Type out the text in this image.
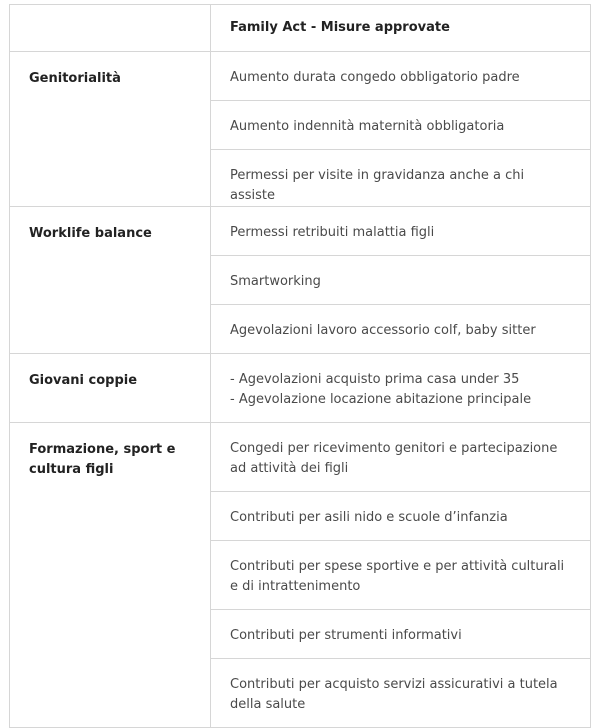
	Family Act - Misure approvate

Genitorialità	Aumento durata congedo obbligatorio padre

	Aumento indennità maternità obbligatoria

	Permessi per visite in gravidanza anche a chi assiste

Worklife balance	Permessi retribuiti malattia figli

	Smartworking

	Agevolazioni lavoro accessorio colf, baby sitter

Giovani coppie	- Agevolazioni acquisto prima casa under 35
- Agevolazione locazione abitazione principale

Formazione, sport e cultura figli	Congedi per ricevimento genitori e partecipazione ad attività dei figli

	Contributi per asili nido e scuole d’infanzia

	Contributi per spese sportive e per attività culturali e di intrattenimento

	Contributi per strumenti informativi

	Contributi per acquisto servizi assicurativi a tutela della salute
